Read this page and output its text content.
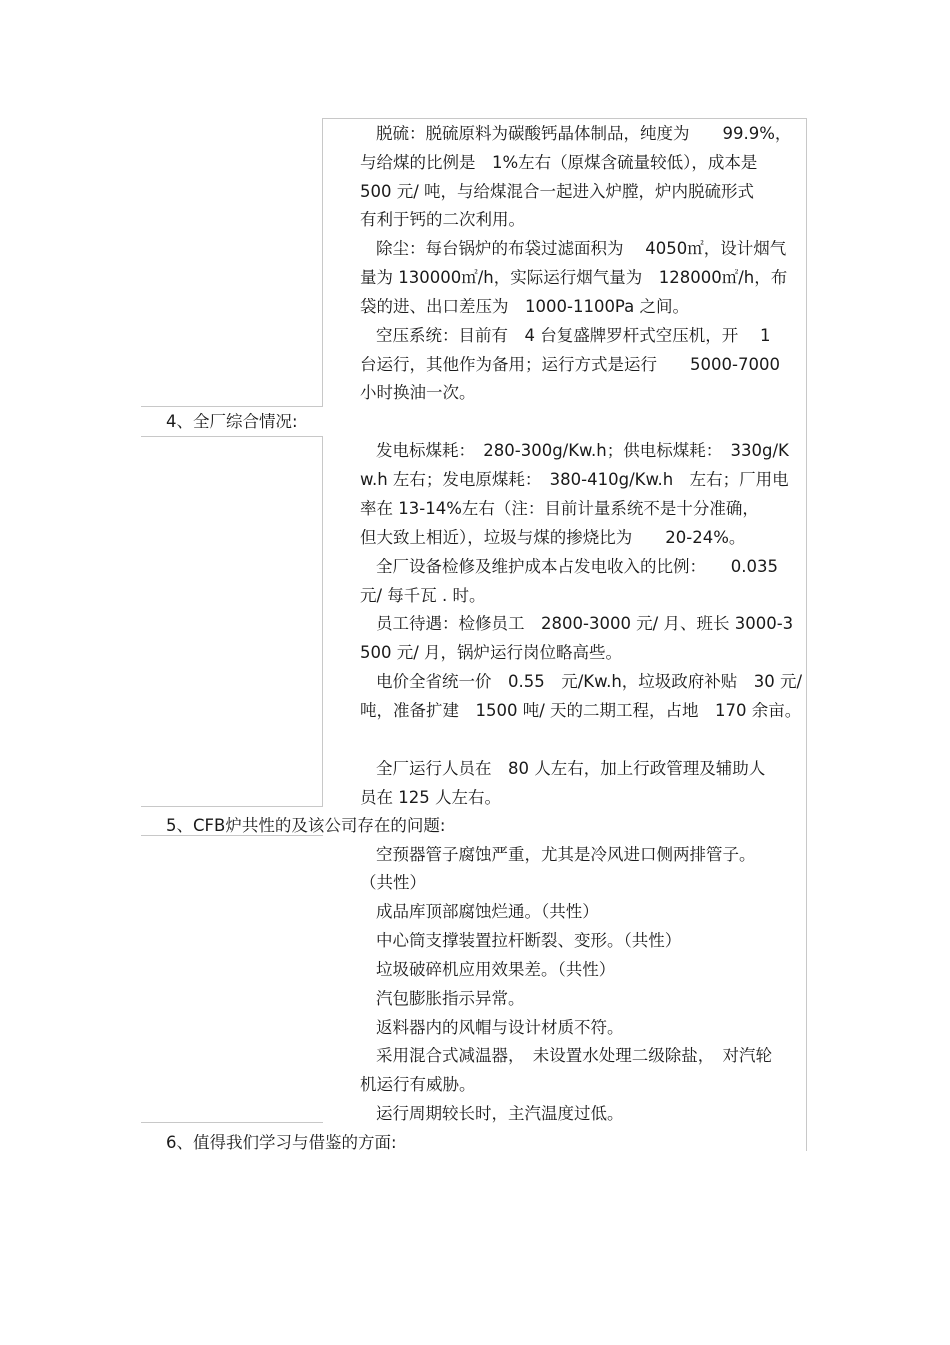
脱硫：脱硫原料为碳酸钙晶体制品，纯度为　　99.9%，
与给煤的比例是　1%左右（原煤含硫量较低），成本是
500 元/ 吨，与给煤混合一起进入炉膛，炉内脱硫形式
有利于钙的二次利用。
除尘：每台锅炉的布袋过滤面积为　 4050㎡，设计烟气
量为 130000㎡/h，实际运行烟气量为　128000㎡/h，布
袋的进、出口差压为　1000-1100Pa 之间。
空压系统：目前有　4 台复盛牌罗杆式空压机，开　 1
台运行，其他作为备用；运行方式是运行　　5000-7000
小时换油一次。
4、全厂综合情况:
发电标煤耗：　280-300g/Kw.h；供电标煤耗：　330g/K
w.h 左右；发电原煤耗：　380-410g/Kw.h　左右；厂用电
率在 13-14%左右（注：目前计量系统不是十分准确，
但大致上相近），垃圾与煤的掺烧比为　　20-24%。
全厂设备检修及维护成本占发电收入的比例：　　0.035
元/ 每千瓦 . 时。
员工待遇：检修员工　2800-3000 元/ 月、班长 3000-3
500 元/ 月，锅炉运行岗位略高些。
电价全省统一价　0.55　元/Kw.h，垃圾政府补贴　30 元/
吨，准备扩建　1500 吨/ 天的二期工程，占地　170 余亩。
全厂运行人员在　80 人左右，加上行政管理及辅助人
员在 125 人左右。
5、CFB炉共性的及该公司存在的问题:
空预器管子腐蚀严重，尤其是冷风进口侧两排管子。
（共性）
成品库顶部腐蚀烂通。（共性）
中心筒支撑装置拉杆断裂、变形。（共性）
垃圾破碎机应用效果差。（共性）
汽包膨胀指示异常。
返料器内的风帽与设计材质不符。
采用混合式减温器，　未设置水处理二级除盐，　对汽轮
机运行有威胁。
运行周期较长时，主汽温度过低。
6、值得我们学习与借鉴的方面:
